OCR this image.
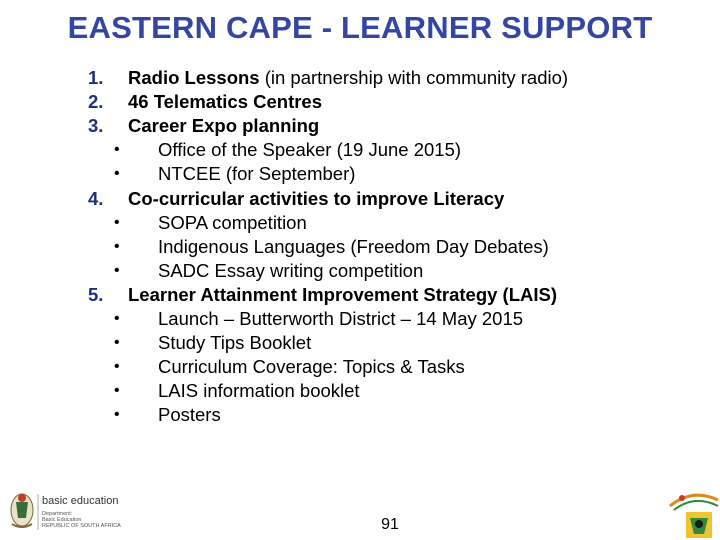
EASTERN CAPE - LEARNER SUPPORT
1. Radio Lessons (in partnership with community radio)
2. 46 Telematics Centres
3. Career Expo planning
• Office of the Speaker (19 June 2015)
• NTCEE (for September)
4. Co-curricular activities to improve Literacy
• SOPA competition
• Indigenous Languages (Freedom Day Debates)
• SADC Essay writing competition
5. Learner Attainment Improvement Strategy (LAIS)
• Launch – Butterworth District – 14 May 2015
• Study Tips Booklet
• Curriculum Coverage: Topics & Tasks
• LAIS information booklet
• Posters
basic education
Department:
Basic Education
REPUBLIC OF SOUTH AFRICA	91
